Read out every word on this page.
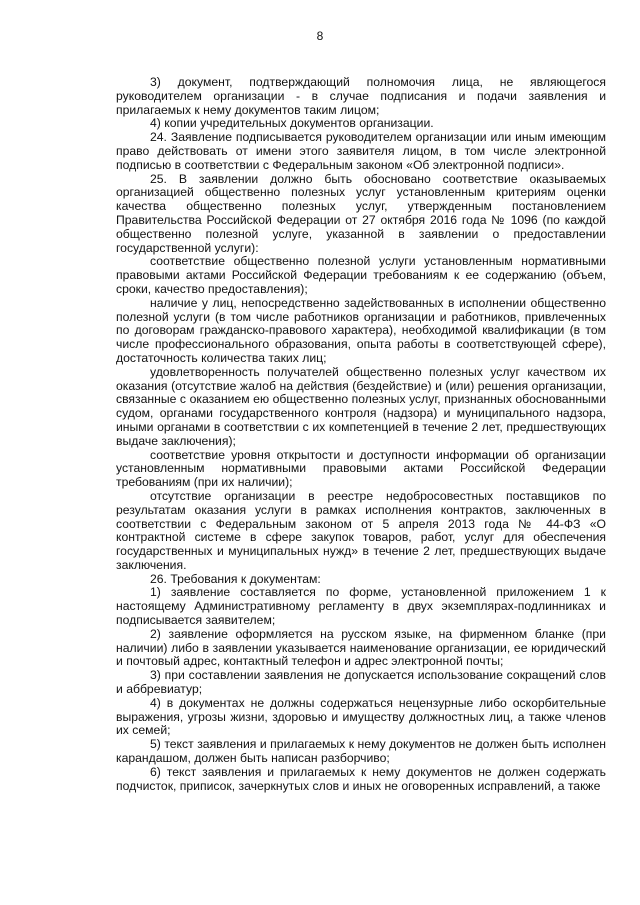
8

3) документ, подтверждающий полномочия лица, не являющегося руководителем организации - в случае подписания и подачи заявления и прилагаемых к нему документов таким лицом;

4) копии учредительных документов организации.

24. Заявление подписывается руководителем организации или иным имеющим право действовать от имени этого заявителя лицом, в том числе электронной подписью в соответствии с Федеральным законом «Об электронной подписи».

25. В заявлении должно быть обосновано соответствие оказываемых организацией общественно полезных услуг установленным критериям оценки качества общественно полезных услуг, утвержденным постановлением Правительства Российской Федерации от 27 октября 2016 года № 1096 (по каждой общественно полезной услуге, указанной в заявлении о предоставлении государственной услуги):

соответствие общественно полезной услуги установленным нормативными правовыми актами Российской Федерации требованиям к ее содержанию (объем, сроки, качество предоставления);

наличие у лиц, непосредственно задействованных в исполнении общественно полезной услуги (в том числе работников организации и работников, привлеченных по договорам гражданско-правового характера), необходимой квалификации (в том числе профессионального образования, опыта работы в соответствующей сфере), достаточность количества таких лиц;

удовлетворенность получателей общественно полезных услуг качеством их оказания (отсутствие жалоб на действия (бездействие) и (или) решения организации, связанные с оказанием ею общественно полезных услуг, признанных обоснованными судом, органами государственного контроля (надзора) и муниципального надзора, иными органами в соответствии с их компетенцией в течение 2 лет, предшествующих выдаче заключения);

соответствие уровня открытости и доступности информации об организации установленным нормативными правовыми актами Российской Федерации требованиям (при их наличии);

отсутствие организации в реестре недобросовестных поставщиков по результатам оказания услуги в рамках исполнения контрактов, заключенных в соответствии с Федеральным законом от 5 апреля 2013 года № 44-ФЗ «О контрактной системе в сфере закупок товаров, работ, услуг для обеспечения государственных и муниципальных нужд» в течение 2 лет, предшествующих выдаче заключения.

26. Требования к документам:

1) заявление составляется по форме, установленной приложением 1 к настоящему Административному регламенту в двух экземплярах-подлинниках и подписывается заявителем;

2) заявление оформляется на русском языке, на фирменном бланке (при наличии) либо в заявлении указывается наименование организации, ее юридический и почтовый адрес, контактный телефон и адрес электронной почты;

3) при составлении заявления не допускается использование сокращений слов и аббревиатур;

4) в документах не должны содержаться нецензурные либо оскорбительные выражения, угрозы жизни, здоровью и имуществу должностных лиц, а также членов их семей;

5) текст заявления и прилагаемых к нему документов не должен быть исполнен карандашом, должен быть написан разборчиво;

6) текст заявления и прилагаемых к нему документов не должен содержать подчисток, приписок, зачеркнутых слов и иных не оговоренных исправлений, а также
